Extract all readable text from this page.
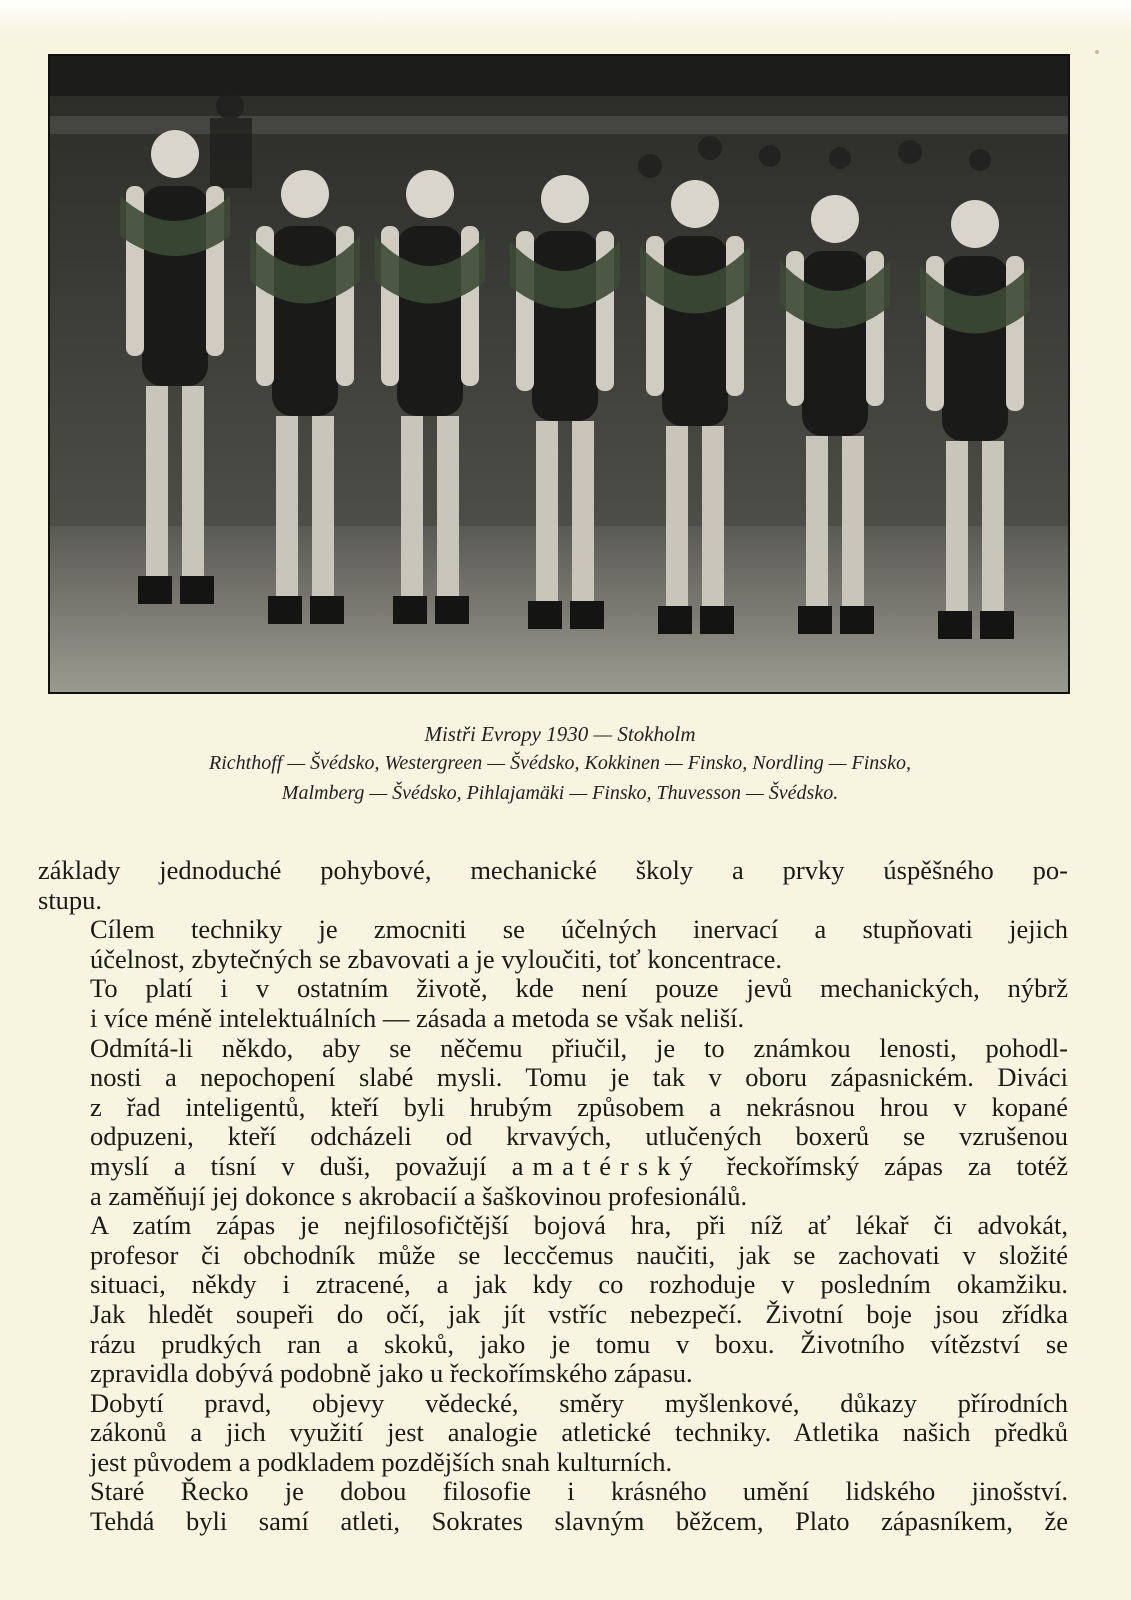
Mistři Evropy 1930 — Stokholm
Richthoff — Švédsko, Westergreen — Švédsko, Kokkinen — Finsko, Nordling — Finsko,
Malmberg — Švédsko, Pihlajamäki — Finsko, Thuvesson — Švédsko.

základy jednoduché pohybové, mechanické školy a prvky úspěšného po-
stupu.

Cílem techniky je zmocniti se účelných inervací a stupňovati jejich
účelnost, zbytečných se zbavovati a je vyloučiti, toť koncentrace.

To platí i v ostatním životě, kde není pouze jevů mechanických, nýbrž
i více méně intelektuálních — zásada a metoda se však neliší.

Odmítá-li někdo, aby se něčemu přiučil, je to známkou lenosti, pohodl-
nosti a nepochopení slabé mysli. Tomu je tak v oboru zápasnickém. Diváci
z řad inteligentů, kteří byli hrubým způsobem a nekrásnou hrou v kopané
odpuzeni, kteří odcházeli od krvavých, utlučených boxerů se vzrušenou
myslí a tísní v duši, považují amatérský řeckořímský zápas za totéž
a zaměňují jej dokonce s akrobacií a šaškovinou profesionálů.

A zatím zápas je nejfilosofičtější bojová hra, při níž ať lékař či advokát,
profesor či obchodník může se leccčemus naučiti, jak se zachovati v složité
situaci, někdy i ztracené, a jak kdy co rozhoduje v posledním okamžiku.
Jak hledět soupeři do očí, jak jít vstříc nebezpečí. Životní boje jsou zřídka
rázu prudkých ran a skoků, jako je tomu v boxu. Životního vítězství se
zpravidla dobývá podobně jako u řeckořímského zápasu.

Dobytí pravd, objevy vědecké, směry myšlenkové, důkazy přírodních
zákonů a jich využití jest analogie atletické techniky. Atletika našich předků
jest původem a podkladem pozdějších snah kulturních.

Staré Řecko je dobou filosofie i krásného umění lidského jinošství.
Tehdá byli samí atleti, Sokrates slavným běžcem, Plato zápasníkem, že
